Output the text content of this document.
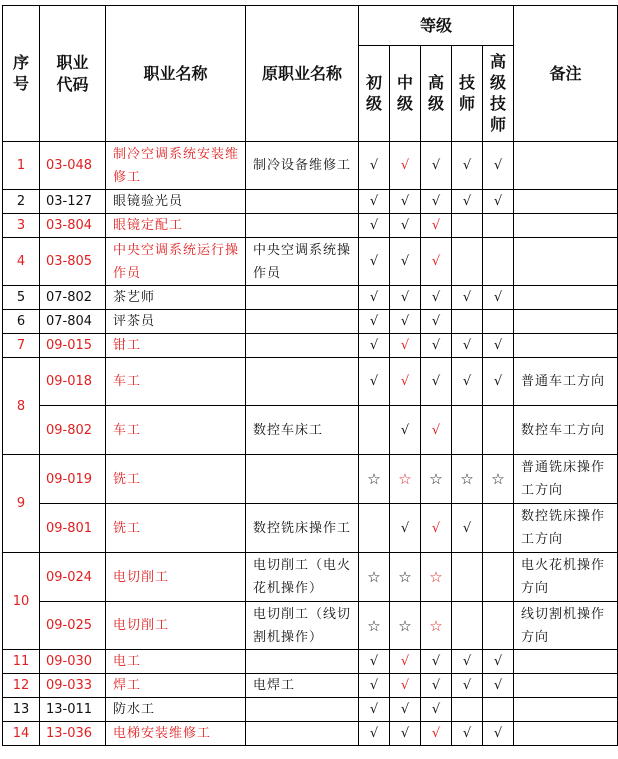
序号	职业代码	职业名称	原职业名称	等级					备注
				初级	中级	高级	技师	高级技师	
1	03-048	制冷空调系统安装维修工	制冷设备维修工	√	√	√	√	√	
2	03-127	眼镜验光员		√	√	√	√	√	
3	03-804	眼镜定配工		√	√	√			
4	03-805	中央空调系统运行操作员	中央空调系统操作员	√	√	√			
5	07-802	茶艺师		√	√	√	√	√	
6	07-804	评茶员		√	√	√			
7	09-015	钳工		√	√	√	√	√	
8	09-018	车工		√	√	√	√	√	普通车工方向
	09-802	车工	数控车床工		√	√			数控车工方向
9	09-019	铣工		☆	☆	☆	☆	☆	普通铣床操作工方向
	09-801	铣工	数控铣床操作工		√	√	√		数控铣床操作工方向
10	09-024	电切削工	电切削工（电火花机操作）	☆	☆	☆			电火花机操作方向
	09-025	电切削工	电切削工（线切割机操作）	☆	☆	☆			线切割机操作方向
11	09-030	电工		√	√	√	√	√	
12	09-033	焊工	电焊工	√	√	√	√	√	
13	13-011	防水工		√	√	√			
14	13-036	电梯安装维修工		√	√	√	√	√	
